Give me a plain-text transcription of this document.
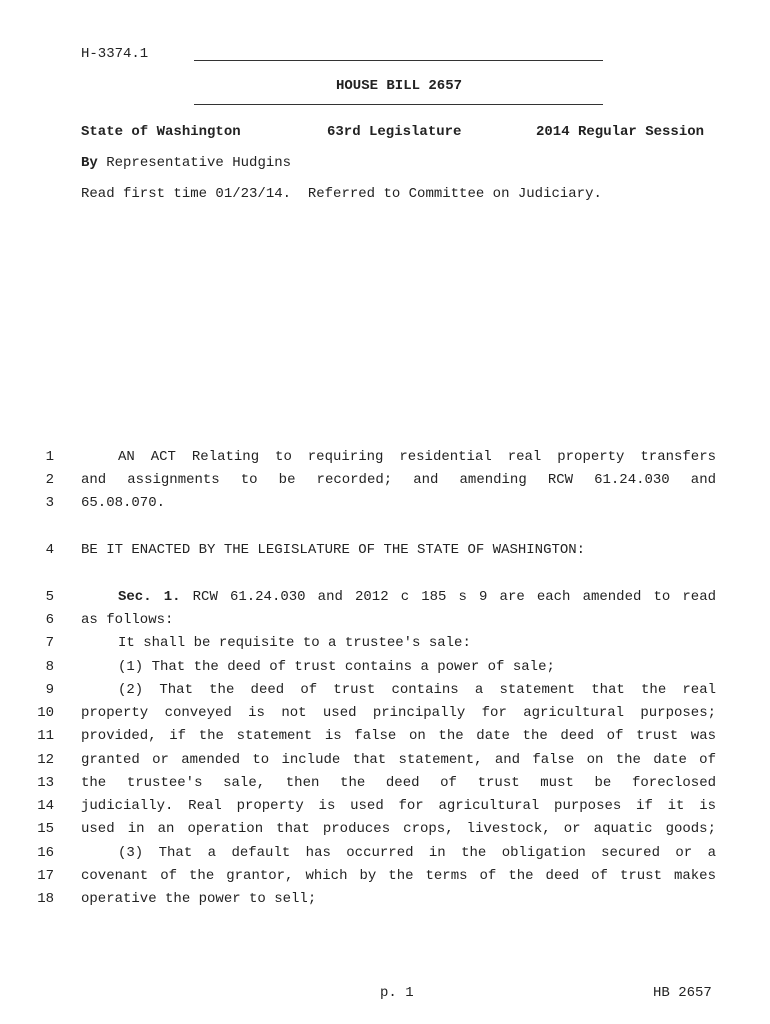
H-3374.1
HOUSE BILL 2657
State of Washington	63rd Legislature	2014 Regular Session
By Representative Hudgins
Read first time 01/23/14.  Referred to Committee on Judiciary.
1
2
3
4
5
6
7
8
9
10
11
12
13
14
15
16
17
18
AN ACT Relating to requiring residential real property transfers
and assignments to be recorded; and amending RCW 61.24.030 and
65.08.070.
BE IT ENACTED BY THE LEGISLATURE OF THE STATE OF WASHINGTON:
Sec. 1. RCW 61.24.030 and 2012 c 185 s 9 are each amended to read
as follows:
It shall be requisite to a trustee's sale:
(1) That the deed of trust contains a power of sale;
(2) That the deed of trust contains a statement that the real
property conveyed is not used principally for agricultural purposes;
provided, if the statement is false on the date the deed of trust was
granted or amended to include that statement, and false on the date of
the trustee's sale, then the deed of trust must be foreclosed
judicially. Real property is used for agricultural purposes if it is
used in an operation that produces crops, livestock, or aquatic goods;
(3) That a default has occurred in the obligation secured or a
covenant of the grantor, which by the terms of the deed of trust makes
operative the power to sell;
p. 1	HB 2657
